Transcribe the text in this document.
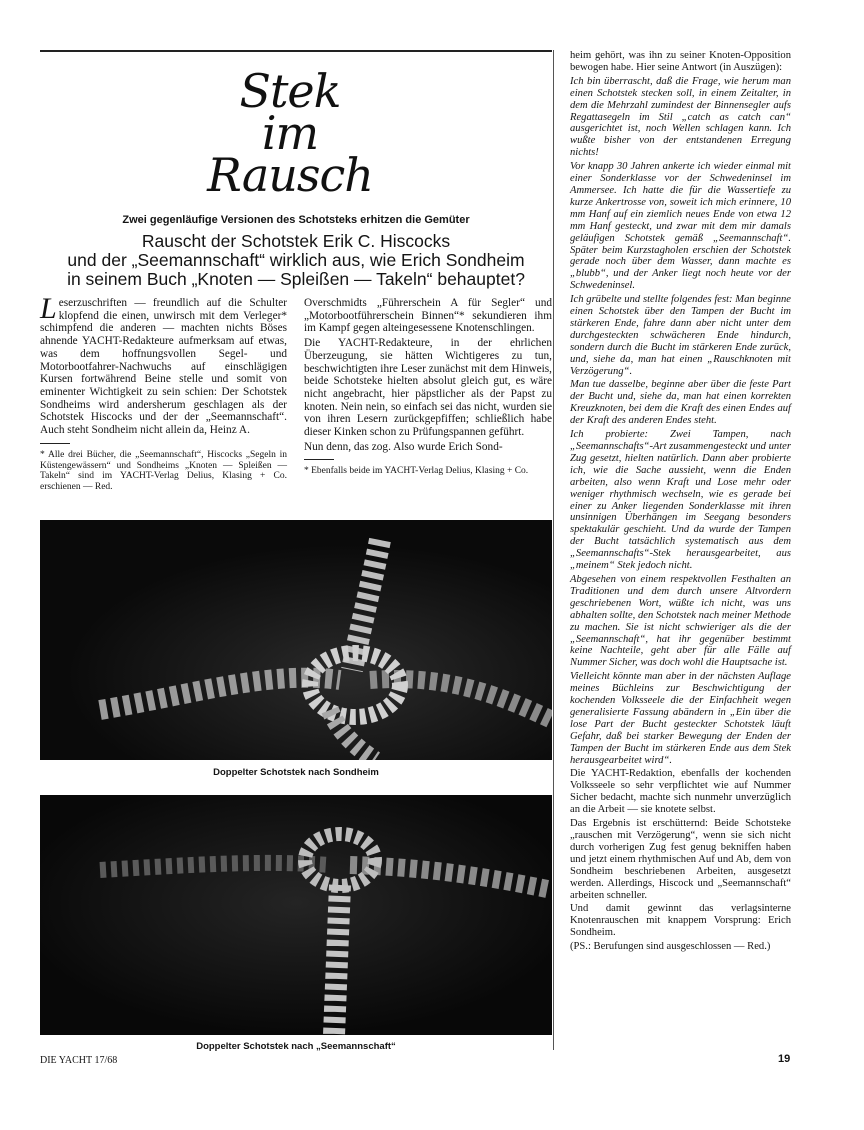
Stek
im
Rausch
Zwei gegenläufige Versionen des Schotsteks erhitzen die Gemüter
Rauscht der Schotstek Erik C. Hiscocks
und der „Seemannschaft“ wirklich aus, wie Erich Sondheim
in seinem Buch „Knoten — Spleißen — Takeln“ behauptet?

Leserzuschriften — freundlich auf die Schulter klopfend die einen, unwirsch mit dem Verleger* schimpfend die anderen — machten nichts Böses ahnende YACHT-Redakteure aufmerksam auf etwas, was dem hoffnungsvollen Segel- und Motorbootfahrer-Nachwuchs auf einschlägigen Kursen fortwährend Beine stelle und somit von eminenter Wichtigkeit zu sein schien: Der Schotstek Sondheims wird andersherum geschlagen als der Schotstek Hiscocks und der der „Seemannschaft“. Auch steht Sondheim nicht allein da, Heinz A.

* Alle drei Bücher, die „Seemannschaft“, Hiscocks „Segeln in Küstengewässern“ und Sondheims „Knoten — Spleißen — Takeln“ sind im YACHT-Verlag Delius, Klasing + Co. erschienen — Red.

Overschmidts „Führerschein A für Segler“ und „Motorbootführerschein Binnen“* sekundieren ihm im Kampf gegen alteingesessene Knotenschlingen.

Die YACHT-Redakteure, in der ehrlichen Überzeugung, sie hätten Wichtigeres zu tun, beschwichtigten ihre Leser zunächst mit dem Hinweis, beide Schotsteke hielten absolut gleich gut, es wäre nicht angebracht, hier päpstlicher als der Papst zu knoten. Nein nein, so einfach sei das nicht, wurden sie von ihren Lesern zurückgepfiffen; schließlich habe dieser Kinken schon zu Prüfungspannen geführt.

Nun denn, das zog. Also wurde Erich Sond-

* Ebenfalls beide im YACHT-Verlag Delius, Klasing + Co.
Doppelter Schotstek nach Sondheim
Doppelter Schotstek nach „Seemannschaft“

heim gehört, was ihn zu seiner Knoten-Opposition bewogen habe. Hier seine Antwort (in Auszügen):

Ich bin überrascht, daß die Frage, wie herum man einen Schotstek stecken soll, in einem Zeitalter, in dem die Mehrzahl zumindest der Binnensegler aufs Regattasegeln im Stil „catch as catch can“ ausgerichtet ist, noch Wellen schlagen kann. Ich wußte bisher von der entstandenen Erregung nichts!

Vor knapp 30 Jahren ankerte ich wieder einmal mit einer Sonderklasse vor der Schwedeninsel im Ammersee. Ich hatte die für die Wassertiefe zu kurze Ankertrosse von, soweit ich mich erinnere, 10 mm Hanf auf ein ziemlich neues Ende von etwa 12 mm Hanf gesteckt, und zwar mit dem mir damals geläufigen Schotstek gemäß „Seemannschaft“. Später beim Kurzstagholen erschien der Schotstek gerade noch über dem Wasser, dann machte es „blubb“, und der Anker liegt noch heute vor der Schwedeninsel.

Ich grübelte und stellte folgendes fest: Man beginne einen Schotstek über den Tampen der Bucht im stärkeren Ende, fahre dann aber nicht unter dem durchgesteckten schwächeren Ende hindurch, sondern durch die Bucht im stärkeren Ende zurück, und, siehe da, man hat einen „Rauschknoten mit Verzögerung“.

Man tue dasselbe, beginne aber über die feste Part der Bucht und, siehe da, man hat einen korrekten Kreuzknoten, bei dem die Kraft des einen Endes auf der Kraft des anderen Endes steht.

Ich probierte: Zwei Tampen, nach „Seemannschafts“-Art zusammengesteckt und unter Zug gesetzt, hielten natürlich. Dann aber probierte ich, wie die Sache aussieht, wenn die Enden arbeiten, also wenn Kraft und Lose mehr oder weniger rhythmisch wechseln, wie es gerade bei einer zu Anker liegenden Sonderklasse mit ihren unsinnigen Überhängen im Seegang besonders spektakulär geschieht. Und da wurde der Tampen der Bucht tatsächlich systematisch aus dem „Seemannschafts“-Stek herausgearbeitet, aus „meinem“ Stek jedoch nicht.

Abgesehen von einem respektvollen Festhalten an Traditionen und dem durch unsere Altvordern geschriebenen Wort, wüßte ich nicht, was uns abhalten sollte, den Schotstek nach meiner Methode zu machen. Sie ist nicht schwieriger als die der „Seemannschaft“, hat ihr gegenüber bestimmt keine Nachteile, geht aber für alle Fälle auf Nummer Sicher, was doch wohl die Hauptsache ist.

Vielleicht könnte man aber in der nächsten Auflage meines Büchleins zur Beschwichtigung der kochenden Volksseele die der Einfachheit wegen generalisierte Fassung abändern in „Ein über die lose Part der Bucht gesteckter Schotstek läuft Gefahr, daß bei starker Bewegung der Enden der Tampen der Bucht im stärkeren Ende aus dem Stek herausgearbeitet wird“.

Die YACHT-Redaktion, ebenfalls der kochenden Volksseele so sehr verpflichtet wie auf Nummer Sicher bedacht, machte sich nunmehr unverzüglich an die Arbeit — sie knotete selbst.

Das Ergebnis ist erschütternd: Beide Schotsteke „rauschen mit Verzögerung“, wenn sie sich nicht durch vorherigen Zug fest genug bekniffen haben und jetzt einem rhythmischen Auf und Ab, dem von Sondheim beschriebenen Arbeiten, ausgesetzt werden. Allerdings, Hiscock und „Seemannschaft“ arbeiten schneller.

Und damit gewinnt das verlagsinterne Knotenrauschen mit knappem Vorsprung: Erich Sondheim.

(PS.: Berufungen sind ausgeschlossen — Red.)

DIE YACHT 17/68	19
